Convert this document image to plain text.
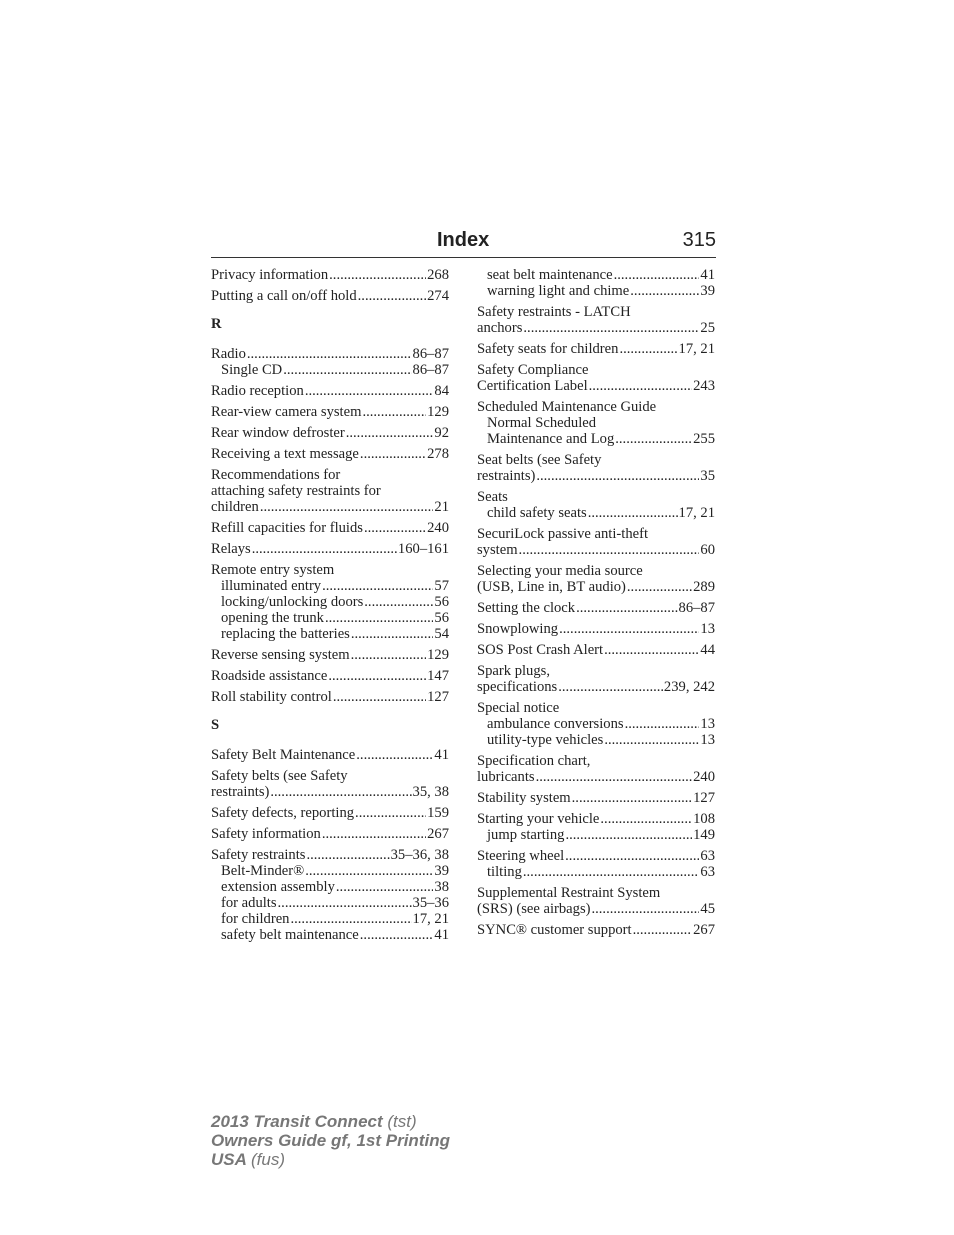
Index	315
Privacy information .....	268
Putting a call on/off hold .....	274
R
Radio .....	86–87
Single CD .....	86–87
Radio reception .....	84
Rear-view camera system .....	129
Rear window defroster .....	92
Receiving a text message .....	278
Recommendations for
attaching safety restraints for
children .....	21
Refill capacities for fluids .....	240
Relays .....	160–161
Remote entry system
illuminated entry .....	57
locking/unlocking doors .....	56
opening the trunk .....	56
replacing the batteries .....	54
Reverse sensing system .....	129
Roadside assistance .....	147
Roll stability control .....	127
S
Safety Belt Maintenance .....	41
Safety belts (see Safety
restraints) .....	35, 38
Safety defects, reporting .....	159
Safety information .....	267
Safety restraints .....	35–36, 38
Belt-Minder® .....	39
extension assembly .....	38
for adults .....	35–36
for children .....	17, 21
safety belt maintenance .....	41
seat belt maintenance .....	41
warning light and chime .....	39
Safety restraints - LATCH
anchors .....	25
Safety seats for children .....	17, 21
Safety Compliance
Certification Label .....	243
Scheduled Maintenance Guide
Normal Scheduled
Maintenance and Log .....	255
Seat belts (see Safety
restraints) .....	35
Seats
child safety seats .....	17, 21
SecuriLock passive anti-theft
system .....	60
Selecting your media source
(USB, Line in, BT audio) .....	289
Setting the clock .....	86–87
Snowplowing .....	13
SOS Post Crash Alert .....	44
Spark plugs,
specifications .....	239, 242
Special notice
ambulance conversions .....	13
utility-type vehicles .....	13
Specification chart,
lubricants .....	240
Stability system .....	127
Starting your vehicle .....	108
jump starting .....	149
Steering wheel .....	63
tilting .....	63
Supplemental Restraint System
(SRS) (see airbags) .....	45
SYNC® customer support .....	267
2013 Transit Connect (tst)
Owners Guide gf, 1st Printing
USA (fus)
